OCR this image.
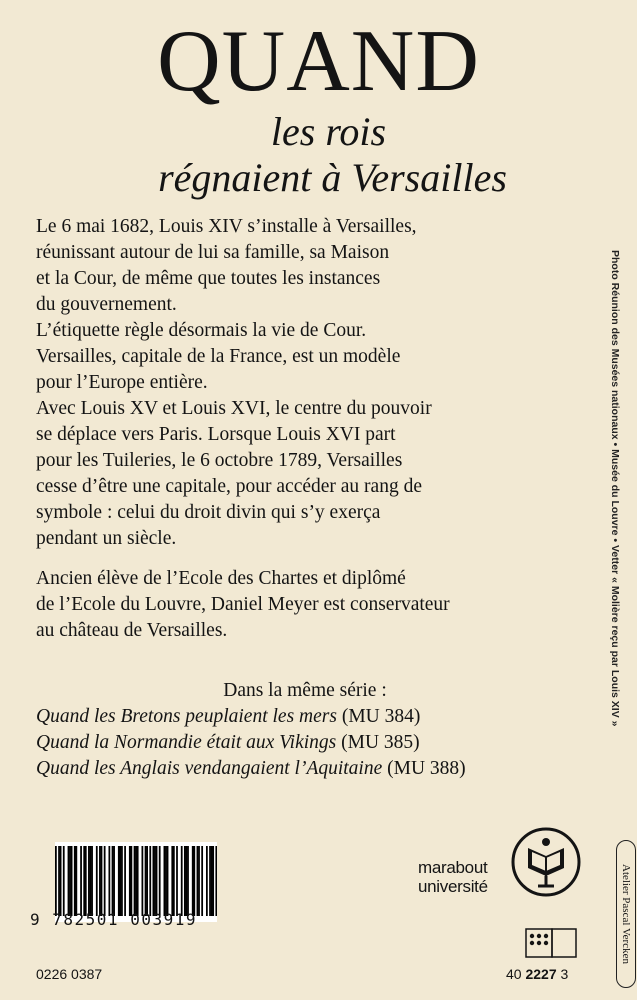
QUAND
les rois
régnaient à Versailles

Le 6 mai 1682, Louis XIV s’installe à Versailles,

réunissant autour de lui sa famille, sa Maison

et la Cour, de même que toutes les instances

du gouvernement.

L’étiquette règle désormais la vie de Cour.

Versailles, capitale de la France, est un modèle

pour l’Europe entière.

Avec Louis XV et Louis XVI, le centre du pouvoir

se déplace vers Paris. Lorsque Louis XVI part

pour les Tuileries, le 6 octobre 1789, Versailles

cesse d’être une capitale, pour accéder au rang de

symbole : celui du droit divin qui s’y exerça

pendant un siècle.

Ancien élève de l’Ecole des Chartes et diplômé

de l’Ecole du Louvre, Daniel Meyer est conservateur

au château de Versailles.

Dans la même série :

Quand les Bretons peuplaient les mers (MU 384)

Quand la Normandie était aux Vikings (MU 385)

Quand les Anglais vendangaient l’Aquitaine (MU 388)

Photo Réunion des Musées nationaux • Musée du Louvre • Vetter « Molière reçu par Louis XIV »
Atelier Pascal Vercken
9 782501 003919
marabout
université
0226 0387	40 2227 3
